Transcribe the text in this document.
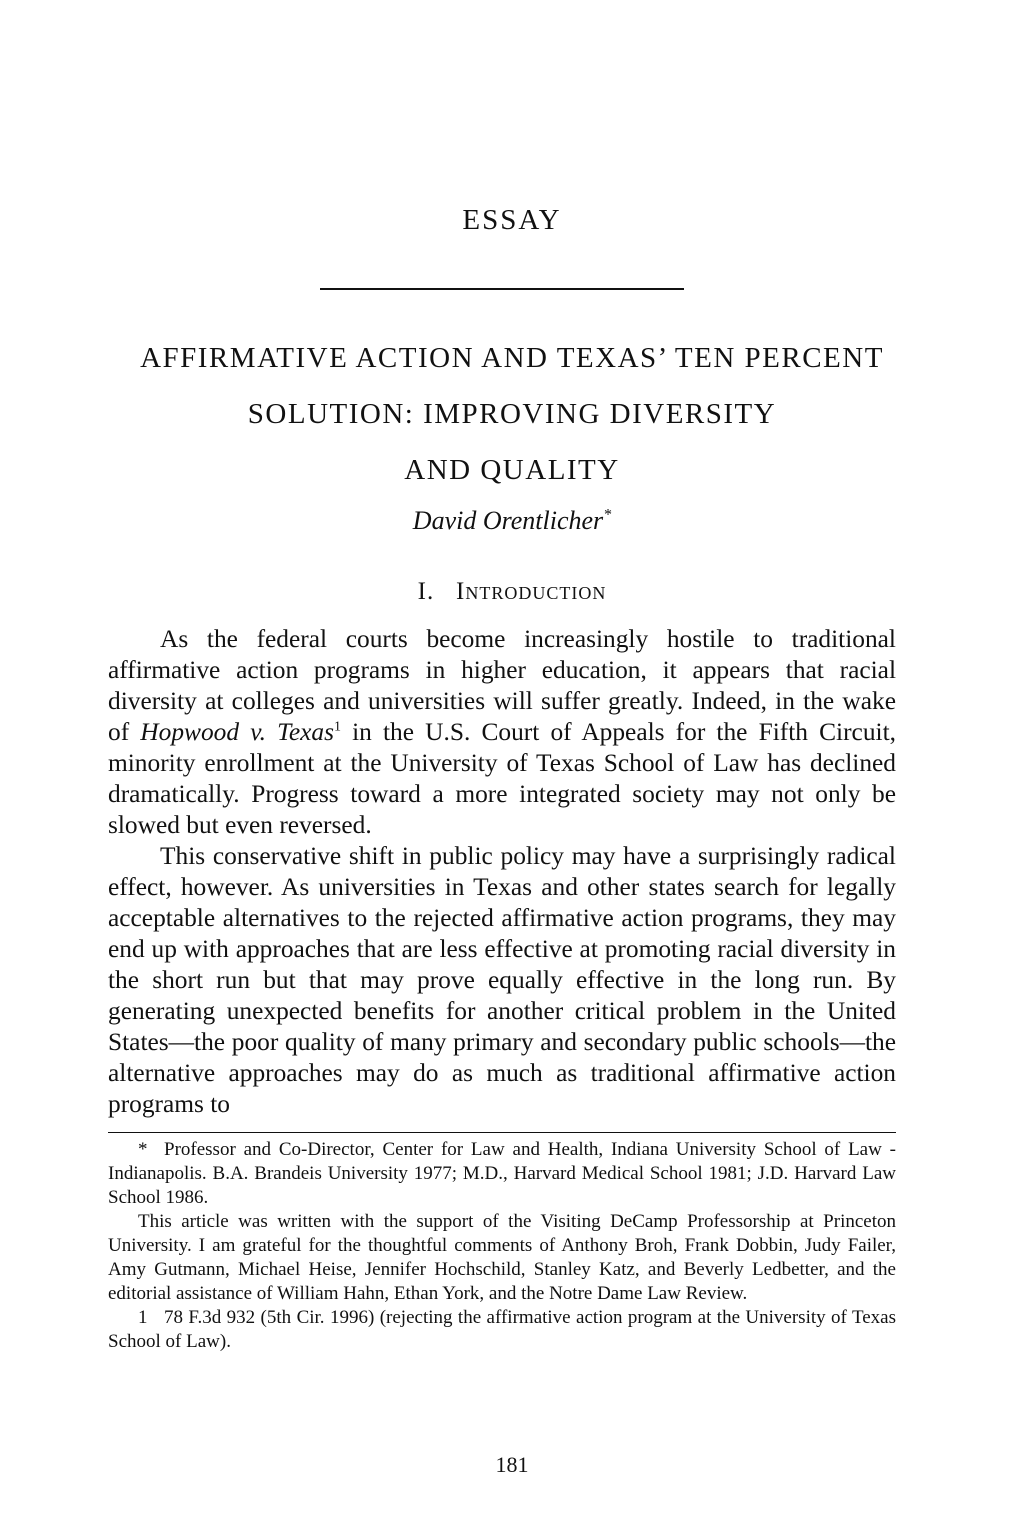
ESSAY
AFFIRMATIVE ACTION AND TEXAS’ TEN PERCENT
SOLUTION: IMPROVING DIVERSITY
AND QUALITY
David Orentlicher*
I. Introduction

As the federal courts become increasingly hostile to traditional affirmative action programs in higher education, it appears that racial diversity at colleges and universities will suffer greatly. Indeed, in the wake of Hopwood v. Texas$^1$ in the U.S. Court of Appeals for the Fifth Circuit, minority enrollment at the University of Texas School of Law has declined dramatically. Progress toward a more integrated society may not only be slowed but even reversed.

This conservative shift in public policy may have a surprisingly radical effect, however. As universities in Texas and other states search for legally acceptable alternatives to the rejected affirmative action programs, they may end up with approaches that are less effective at promoting racial diversity in the short run but that may prove equally effective in the long run. By generating unexpected benefits for another critical problem in the United States—the poor quality of many primary and secondary public schools—the alternative approaches may do as much as traditional affirmative action programs to

* Professor and Co-Director, Center for Law and Health, Indiana University School of Law - Indianapolis. B.A. Brandeis University 1977; M.D., Harvard Medical School 1981; J.D. Harvard Law School 1986.

This article was written with the support of the Visiting DeCamp Professorship at Princeton University. I am grateful for the thoughtful comments of Anthony Broh, Frank Dobbin, Judy Failer, Amy Gutmann, Michael Heise, Jennifer Hochschild, Stanley Katz, and Beverly Ledbetter, and the editorial assistance of William Hahn, Ethan York, and the Notre Dame Law Review.

1 78 F.3d 932 (5th Cir. 1996) (rejecting the affirmative action program at the University of Texas School of Law).

181
